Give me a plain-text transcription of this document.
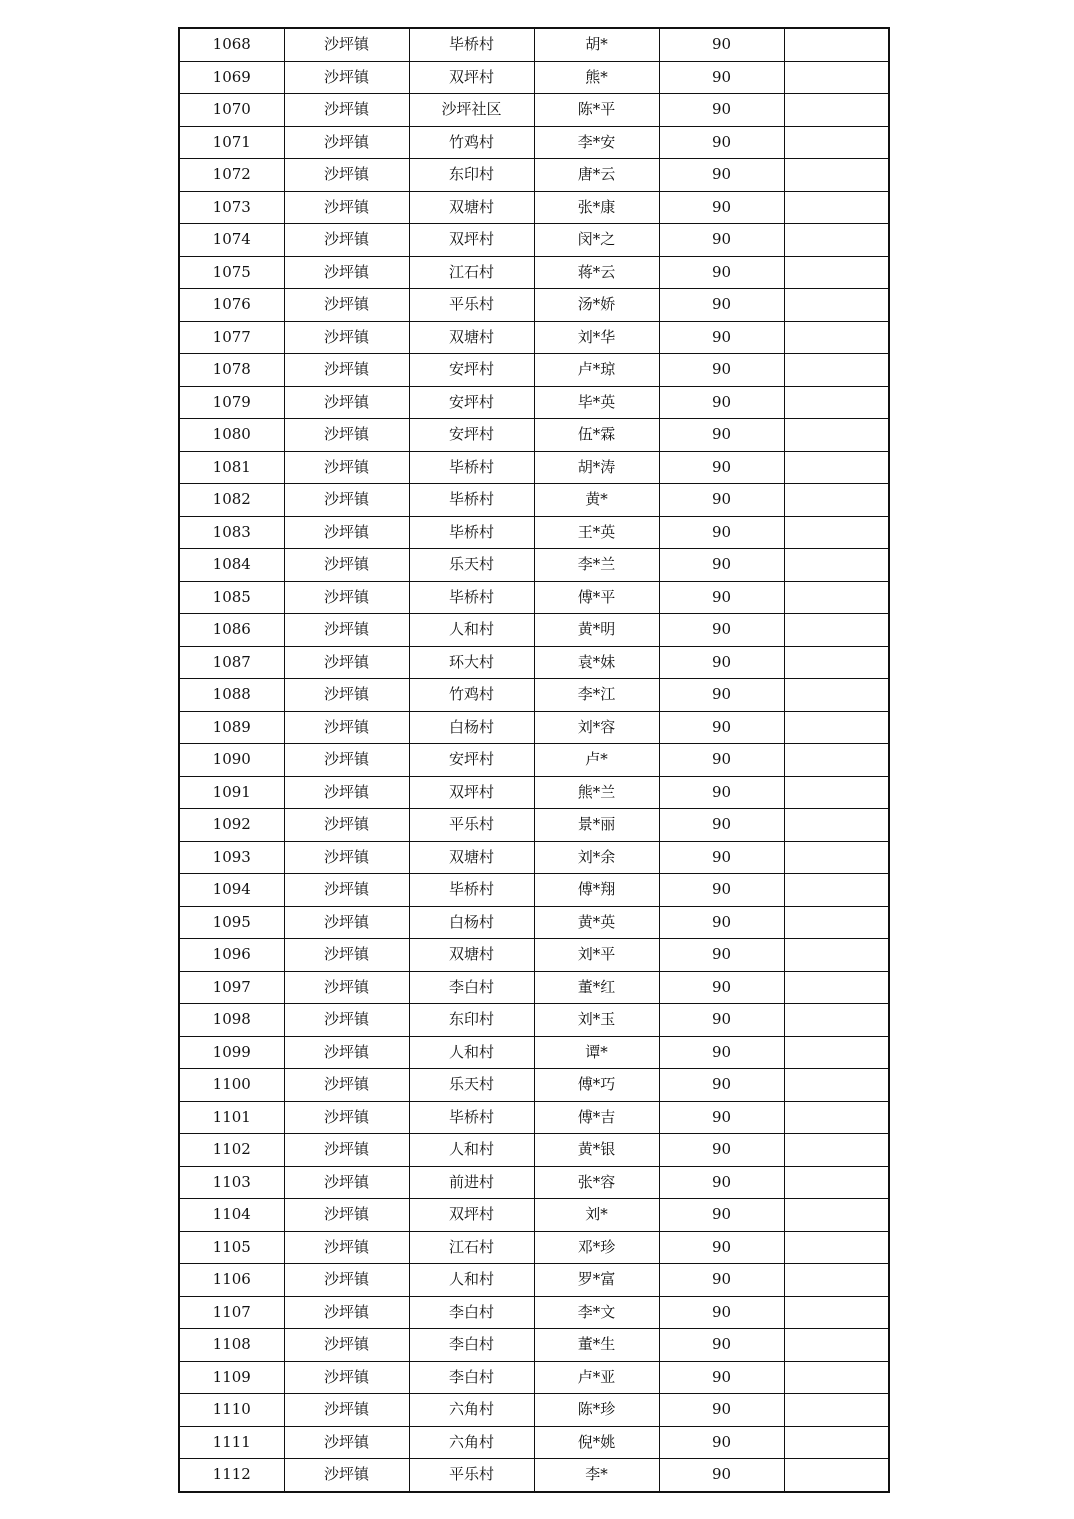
1068	沙坪镇	毕桥村	胡*	90	
1069	沙坪镇	双坪村	熊*	90	
1070	沙坪镇	沙坪社区	陈*平	90	
1071	沙坪镇	竹鸡村	李*安	90	
1072	沙坪镇	东印村	唐*云	90	
1073	沙坪镇	双塘村	张*康	90	
1074	沙坪镇	双坪村	闵*之	90	
1075	沙坪镇	江石村	蒋*云	90	
1076	沙坪镇	平乐村	汤*娇	90	
1077	沙坪镇	双塘村	刘*华	90	
1078	沙坪镇	安坪村	卢*琼	90	
1079	沙坪镇	安坪村	毕*英	90	
1080	沙坪镇	安坪村	伍*霖	90	
1081	沙坪镇	毕桥村	胡*涛	90	
1082	沙坪镇	毕桥村	黄*	90	
1083	沙坪镇	毕桥村	王*英	90	
1084	沙坪镇	乐天村	李*兰	90	
1085	沙坪镇	毕桥村	傅*平	90	
1086	沙坪镇	人和村	黄*明	90	
1087	沙坪镇	环大村	袁*妹	90	
1088	沙坪镇	竹鸡村	李*江	90	
1089	沙坪镇	白杨村	刘*容	90	
1090	沙坪镇	安坪村	卢*	90	
1091	沙坪镇	双坪村	熊*兰	90	
1092	沙坪镇	平乐村	景*丽	90	
1093	沙坪镇	双塘村	刘*余	90	
1094	沙坪镇	毕桥村	傅*翔	90	
1095	沙坪镇	白杨村	黄*英	90	
1096	沙坪镇	双塘村	刘*平	90	
1097	沙坪镇	李白村	董*红	90	
1098	沙坪镇	东印村	刘*玉	90	
1099	沙坪镇	人和村	谭*	90	
1100	沙坪镇	乐天村	傅*巧	90	
1101	沙坪镇	毕桥村	傅*吉	90	
1102	沙坪镇	人和村	黄*银	90	
1103	沙坪镇	前进村	张*容	90	
1104	沙坪镇	双坪村	刘*	90	
1105	沙坪镇	江石村	邓*珍	90	
1106	沙坪镇	人和村	罗*富	90	
1107	沙坪镇	李白村	李*文	90	
1108	沙坪镇	李白村	董*生	90	
1109	沙坪镇	李白村	卢*亚	90	
1110	沙坪镇	六角村	陈*珍	90	
1111	沙坪镇	六角村	倪*姚	90	
1112	沙坪镇	平乐村	李*	90	
